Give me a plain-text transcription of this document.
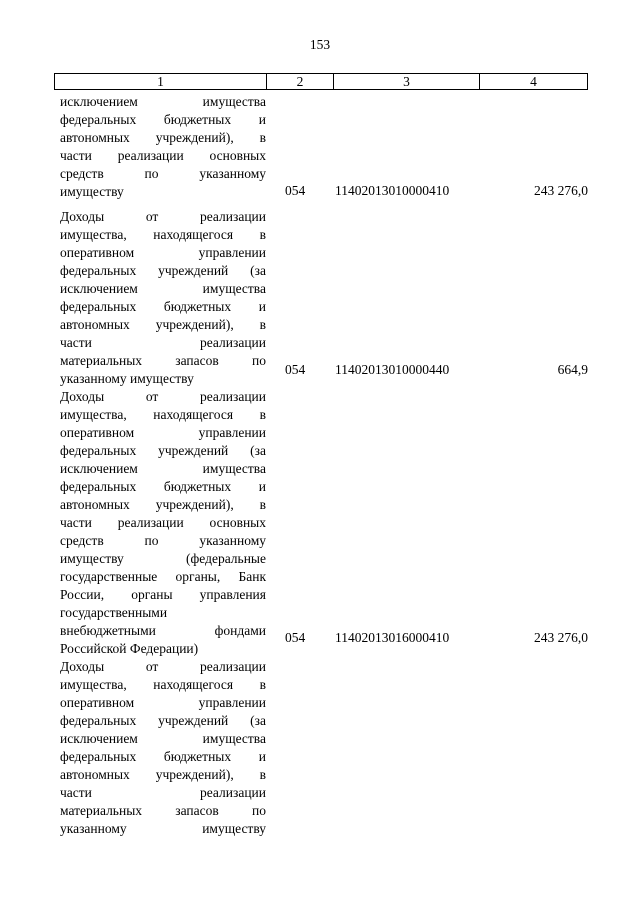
153
1	2	3	4
исключением имущества
федеральных бюджетных и
автономных учреждений), в
части реализации основных
средств по указанному
имуществу	054	11402013010000410	243 276,0
Доходы от реализации
имущества, находящегося в
оперативном управлении
федеральных учреждений (за
исключением имущества
федеральных бюджетных и
автономных учреждений), в
части реализации
материальных запасов по
указанному имуществу
054	11402013010000440	664,9
Доходы от реализации
имущества, находящегося в
оперативном управлении
федеральных учреждений (за
исключением имущества
федеральных бюджетных и
автономных учреждений), в
части реализации основных
средств по указанному
имуществу (федеральные
государственные органы, Банк
России, органы управления
государственными
внебюджетными фондами
Российской Федерации)
054	11402013016000410	243 276,0
Доходы от реализации
имущества, находящегося в
оперативном управлении
федеральных учреждений (за
исключением имущества
федеральных бюджетных и
автономных учреждений), в
части реализации
материальных запасов по
указанному имуществу
